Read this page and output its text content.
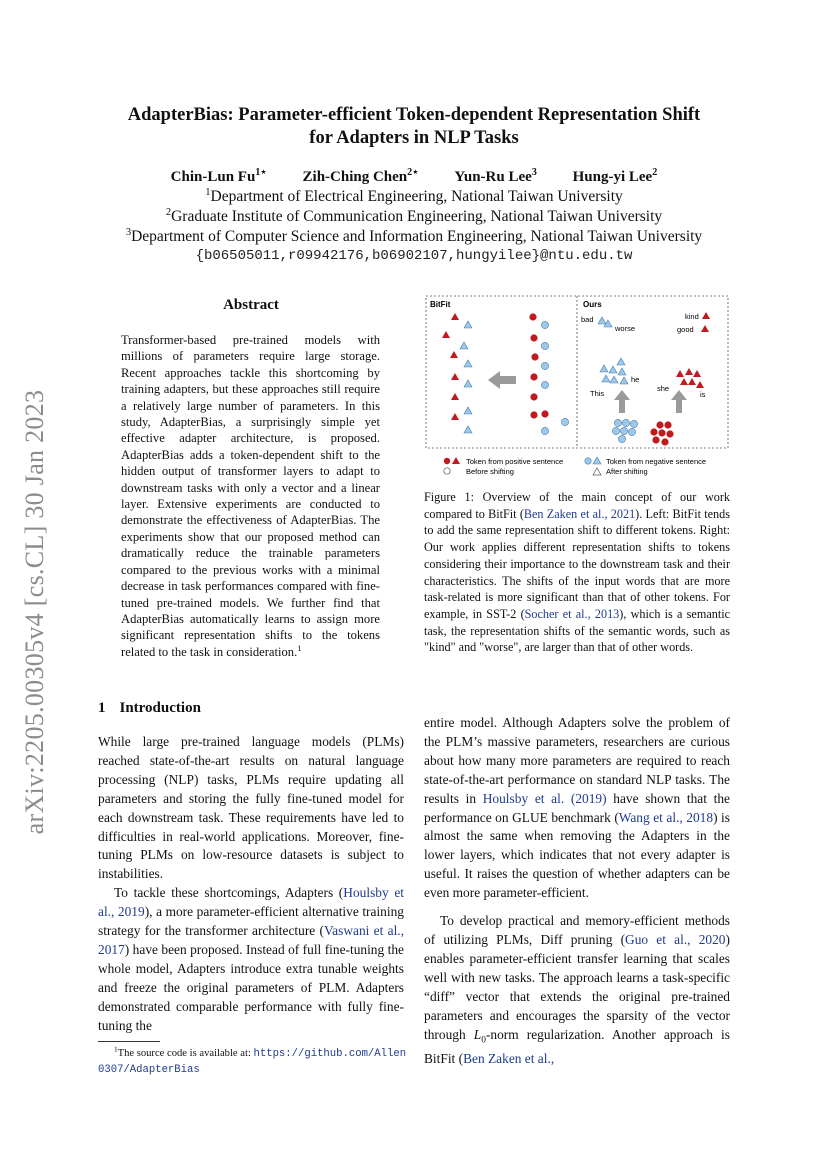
arXiv:2205.00305v4 [cs.CL] 30 Jan 2023
AdapterBias: Parameter-efficient Token-dependent Representation Shift
for Adapters in NLP Tasks
Chin-Lun $Fu^{1⋆}$ Zih-Ching Chen$^{2⋆}$ Yun-Ru Lee$^3$ Hung-yi Lee$^2$
$^1$Department of Electrical Engineering, National Taiwan University
$^2$Graduate Institute of Communication Engineering, National Taiwan University
$^3$Department of Computer Science and Information Engineering, National Taiwan University
{b06505011,r09942176,b06902107,hungyilee}@ntu.edu.tw
Abstract

Transformer-based pre-trained models with millions of parameters require large storage. Recent approaches tackle this shortcoming by training adapters, but these approaches still require a relatively large number of parameters. In this study, AdapterBias, a surprisingly simple yet effective adapter architecture, is proposed. AdapterBias adds a token-dependent shift to the hidden output of transformer layers to adapt to downstream tasks with only a vector and a linear layer. Extensive experiments are conducted to demonstrate the effectiveness of AdapterBias. The experiments show that our proposed method can dramatically reduce the trainable parameters compared to the previous works with a minimal decrease in task performances compared with fine-tuned pre-trained models. We further find that AdapterBias automatically learns to assign more significant representation shifts to the tokens related to the task in consideration.$^1$

1 Introduction

While large pre-trained language models (PLMs) reached state-of-the-art results on natural language processing (NLP) tasks, PLMs require updating all parameters and storing the fully fine-tuned model for each downstream task. These requirements have led to difficulties in real-world applications. Moreover, fine-tuning PLMs on low-resource datasets is subject to instabilities.

To tackle these shortcomings, Adapters (Houlsby et al., 2019), a more parameter-efficient alternative training strategy for the transformer architecture (Vaswani et al., 2017) have been proposed. Instead of full fine-tuning the whole model, Adapters introduce extra tunable weights and freeze the original parameters of PLM. Adapters demonstrated comparable performance with fully fine-tuning the

$^1$The source code is available at: https://github.com/Allen0307/AdapterBias
BitFit	Ours
bad
worse
kind
good
he
This
she
is
Token from positive sentence
Before shifting
Token from negative sentence
After shifting
Figure 1: Overview of the main concept of our work compared to BitFit (Ben Zaken et al., 2021). Left: BitFit tends to add the same representation shift to different tokens. Right: Our work applies different representation shifts to tokens considering their importance to the downstream task and their characteristics. The shifts of the input words that are more task-related is more significant than that of other tokens. For example, in SST-2 (Socher et al., 2013), which is a semantic task, the representation shifts of the semantic words, such as "kind" and "worse", are larger than that of other words.

entire model. Although Adapters solve the problem of the PLM’s massive parameters, researchers are curious about how many more parameters are required to reach state-of-the-art performance on standard NLP tasks. The results in Houlsby et al. (2019) have shown that the performance on GLUE benchmark (Wang et al., 2018) is almost the same when removing the Adapters in the lower layers, which indicates that not every adapter is useful. It raises the question of whether adapters can be even more parameter-efficient.

To develop practical and memory-efficient methods of utilizing PLMs, Diff pruning (Guo et al., 2020) enables parameter-efficient transfer learning that scales well with new tasks. The approach learns a task-specific “diff” vector that extends the original pre-trained parameters and encourages the sparsity of the vector through $L_0$-norm regularization. Another approach is BitFit (Ben Zaken et al.,
